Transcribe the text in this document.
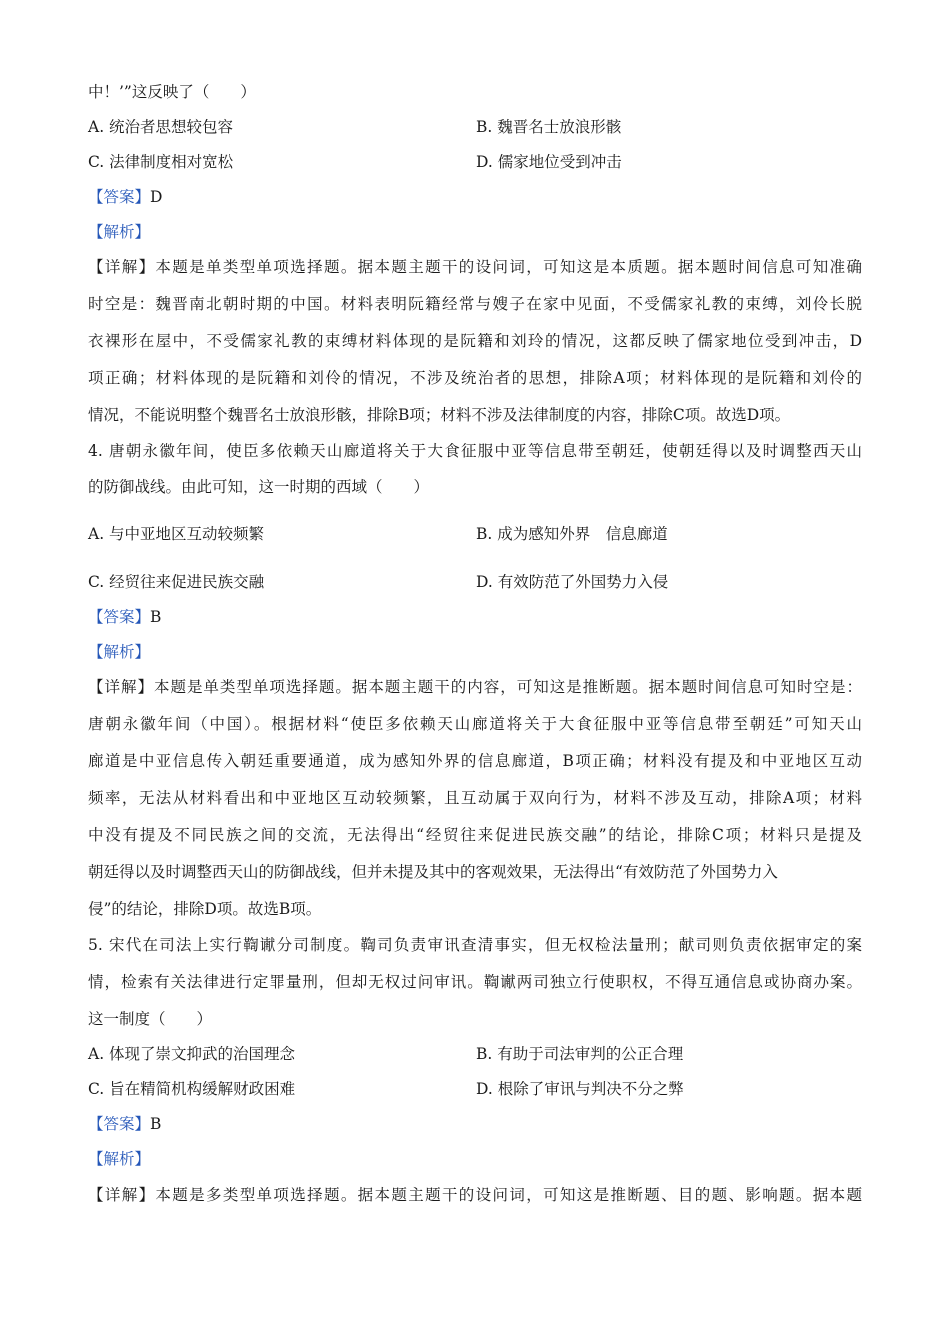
中！’”这反映了（　　）
A. 统治者思想较包容	B. 魏晋名士放浪形骸
C. 法律制度相对宽松	D. 儒家地位受到冲击
【答案】D
【解析】
【详解】本题是单类型单项选择题。据本题主题干的设问词，可知这是本质题。据本题时间信息可知准确
时空是：魏晋南北朝时期的中国。材料表明阮籍经常与嫂子在家中见面，不受儒家礼教的束缚，刘伶长脱
衣裸形在屋中，不受儒家礼教的束缚材料体现的是阮籍和刘玲的情况，这都反映了儒家地位受到冲击，D
项正确；材料体现的是阮籍和刘伶的情况，不涉及统治者的思想，排除A项；材料体现的是阮籍和刘伶的
情况，不能说明整个魏晋名士放浪形骸，排除B项；材料不涉及法律制度的内容，排除C项。故选D项。
4. 唐朝永徽年间，使臣多依赖天山廊道将关于大食征服中亚等信息带至朝廷，使朝廷得以及时调整西天山
的防御战线。由此可知，这一时期的西域（　　）
A. 与中亚地区互动较频繁	B. 成为感知外界　信息廊道
C. 经贸往来促进民族交融	D. 有效防范了外国势力入侵
【答案】B
【解析】
【详解】本题是单类型单项选择题。据本题主题干的内容，可知这是推断题。据本题时间信息可知时空是：
唐朝永徽年间（中国）。根据材料“使臣多依赖天山廊道将关于大食征服中亚等信息带至朝廷”可知天山
廊道是中亚信息传入朝廷重要通道，成为感知外界的信息廊道，B项正确；材料没有提及和中亚地区互动
频率，无法从材料看出和中亚地区互动较频繁，且互动属于双向行为，材料不涉及互动，排除A项；材料
中没有提及不同民族之间的交流，无法得出“经贸往来促进民族交融”的结论，排除C项；材料只是提及
朝廷得以及时调整西天山的防御战线，但并未提及其中的客观效果，无法得出“有效防范了外国势力入
侵”的结论，排除D项。故选B项。
5. 宋代在司法上实行鞫谳分司制度。鞫司负责审讯查清事实，但无权检法量刑；献司则负责依据审定的案
情，检索有关法律进行定罪量刑，但却无权过问审讯。鞫谳两司独立行使职权，不得互通信息或协商办案。
这一制度（　　）
A. 体现了崇文抑武的治国理念	B. 有助于司法审判的公正合理
C. 旨在精简机构缓解财政困难	D. 根除了审讯与判决不分之弊
【答案】B
【解析】
【详解】本题是多类型单项选择题。据本题主题干的设问词，可知这是推断题、目的题、影响题。据本题
